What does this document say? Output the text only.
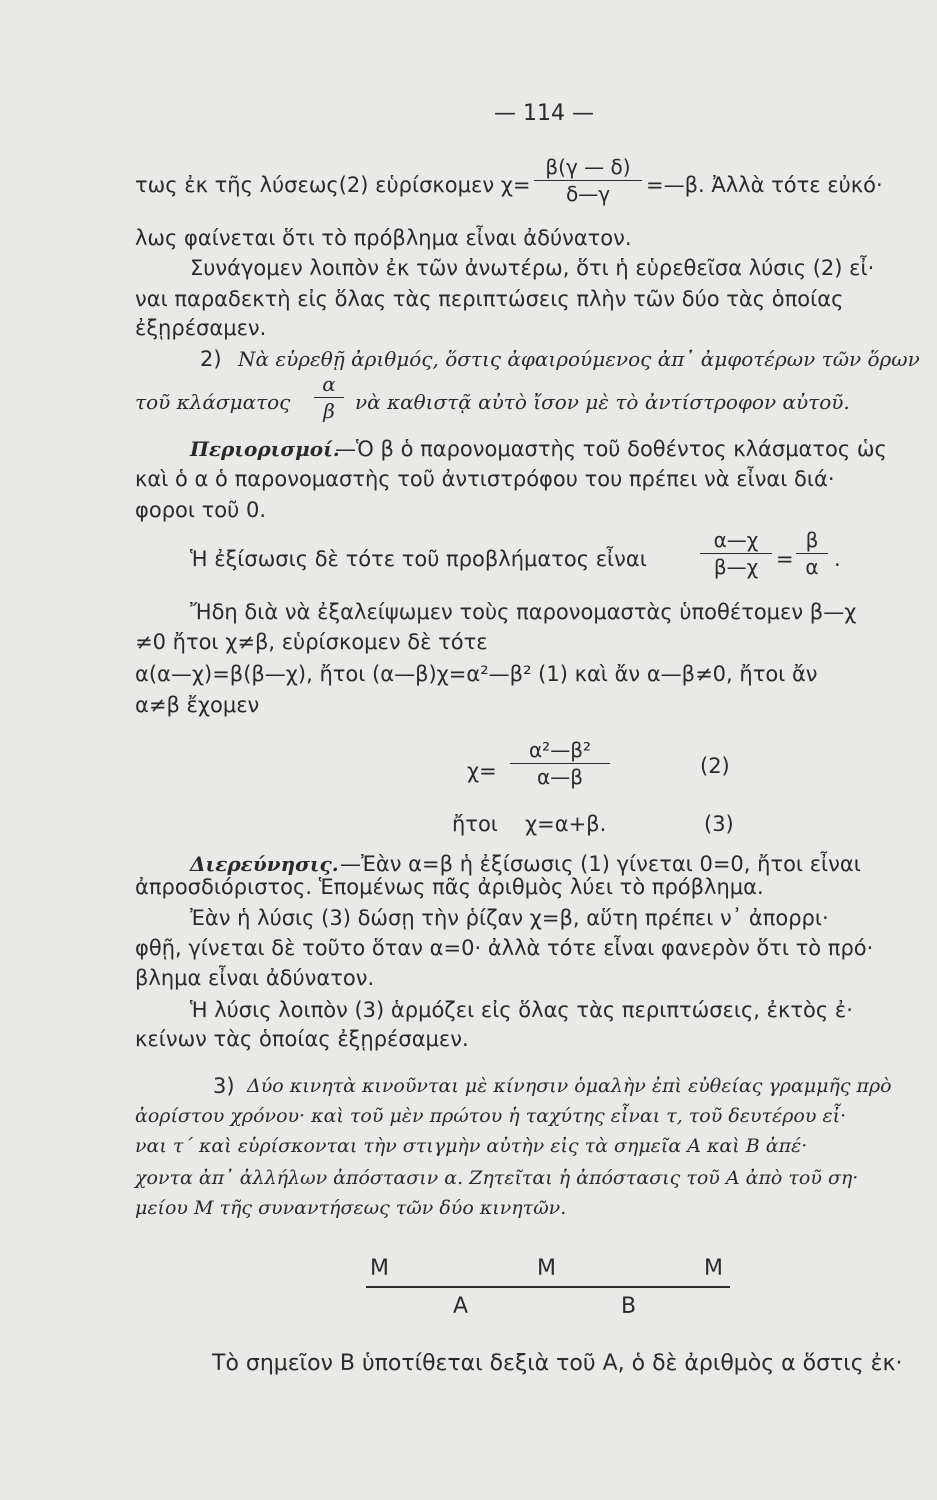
— 114 —
τως ἐκ τῆς λύσεως(2) εὑρίσκομεν χ=
β(γ — δ)
δ—γ	=—β. Ἀλλὰ τότε εὐκό·
λως φαίνεται ὅτι τὸ πρόβλημα εἶναι ἀδύνατον.
Συνάγομεν λοιπὸν ἐκ τῶν ἀνωτέρω, ὅτι ἡ εὑρεθεῖσα λύσις (2) εἶ·
ναι παραδεκτὴ εἰς ὅλας τὰς περιπτώσεις πλὴν τῶν δύο τὰς ὁποίας
ἐξῃρέσαμεν.
2) Νὰ εὑρεθῇ ἀριθμός, ὅστις ἀφαιρούμενος ἀπ᾿ ἀμφοτέρων τῶν ὅρων
τοῦ κλάσματος
α
β	νὰ καθιστᾷ αὐτὸ ἴσον μὲ τὸ ἀντίστροφον αὐτοῦ.
Περιορισμοί.
—Ὁ β ὁ παρονομαστὴς τοῦ δοθέντος κλάσματος ὡς
καὶ ὁ α ὁ παρονομαστὴς τοῦ ἀντιστρόφου του πρέπει νὰ εἶναι διά·
φοροι τοῦ 0.
Ἡ ἐξίσωσις δὲ τότε τοῦ προβλήματος εἶναι
α—χ
β—χ =
β
α .
Ἤδη διὰ νὰ ἐξαλείψωμεν τοὺς παρονομαστὰς ὑποθέτομεν β—χ
≠0 ἤτοι χ≠β, εὑρίσκομεν δὲ τότε
α(α—χ)=β(β—χ), ἤτοι (α—β)χ=α²—β² (1) καὶ ἄν α—β≠0, ἤτοι ἄν
α≠β ἔχομεν
χ=
α²—β²
α—β	(2)
ἤτοι χ=α+β.	(3)
Διερεύνησις. —Ἐὰν α=β ἡ ἐξίσωσις (1) γίνεται 0=0, ἤτοι εἶναι
ἀπροσδιόριστος. Ἑπομένως πᾶς ἀριθμὸς λύει τὸ πρόβλημα.
Ἐὰν ἡ λύσις (3) δώσῃ τὴν ῥίζαν χ=β, αὕτη πρέπει ν᾿ ἀπορρι·
φθῇ, γίνεται δὲ τοῦτο ὅταν α=0· ἀλλὰ τότε εἶναι φανερὸν ὅτι τὸ πρό·
βλημα εἶναι ἀδύνατον.
Ἡ λύσις λοιπὸν (3) ἁρμόζει εἰς ὅλας τὰς περιπτώσεις, ἐκτὸς ἐ·
κείνων τὰς ὁποίας ἐξῃρέσαμεν.
3) Δύο κινητὰ κινοῦνται μὲ κίνησιν ὁμαλὴν ἐπὶ εὐθείας γραμμῆς πρὸ
ἀορίστου χρόνου· καὶ τοῦ μὲν πρώτου ἡ ταχύτης εἶναι τ, τοῦ δευτέρου εἶ·
ναι τ΄ καὶ εὑρίσκονται τὴν στιγμὴν αὐτὴν εἰς τὰ σημεῖα Α καὶ Β ἀπέ·
χοντα ἀπ᾿ ἀλλήλων ἀπόστασιν α. Ζητεῖται ἡ ἀπόστασις τοῦ Α ἀπὸ τοῦ ση·
μείου Μ τῆς συναντήσεως τῶν δύο κινητῶν.
Μ	Μ	Μ
Α	Β
Τὸ σημεῖον Β ὑποτίθεται δεξιὰ τοῦ Α, ὁ δὲ ἀριθμὸς α ὅστις ἐκ·
